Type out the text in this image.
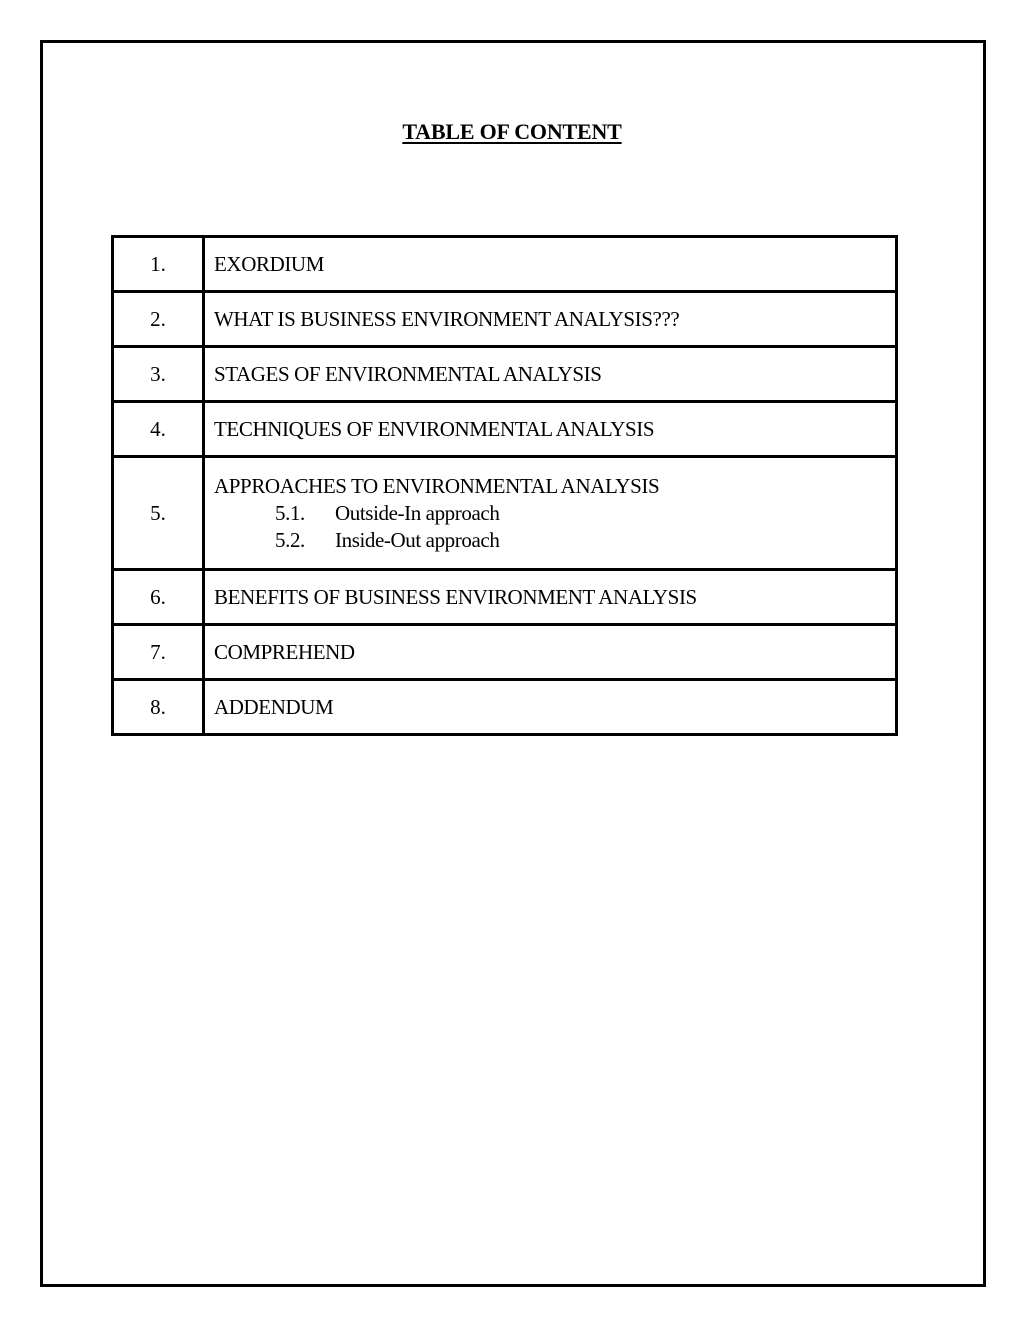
TABLE OF CONTENT
1.	EXORDIUM
2.	WHAT IS BUSINESS ENVIRONMENT ANALYSIS???
3.	STAGES OF ENVIRONMENTAL ANALYSIS
4.	TECHNIQUES OF ENVIRONMENTAL ANALYSIS
5.	APPROACHES TO ENVIRONMENTAL ANALYSIS
5.1. Outside-In approach
5.2. Inside-Out approach

6.	BENEFITS OF BUSINESS ENVIRONMENT ANALYSIS
7.	COMPREHEND
8.	ADDENDUM
